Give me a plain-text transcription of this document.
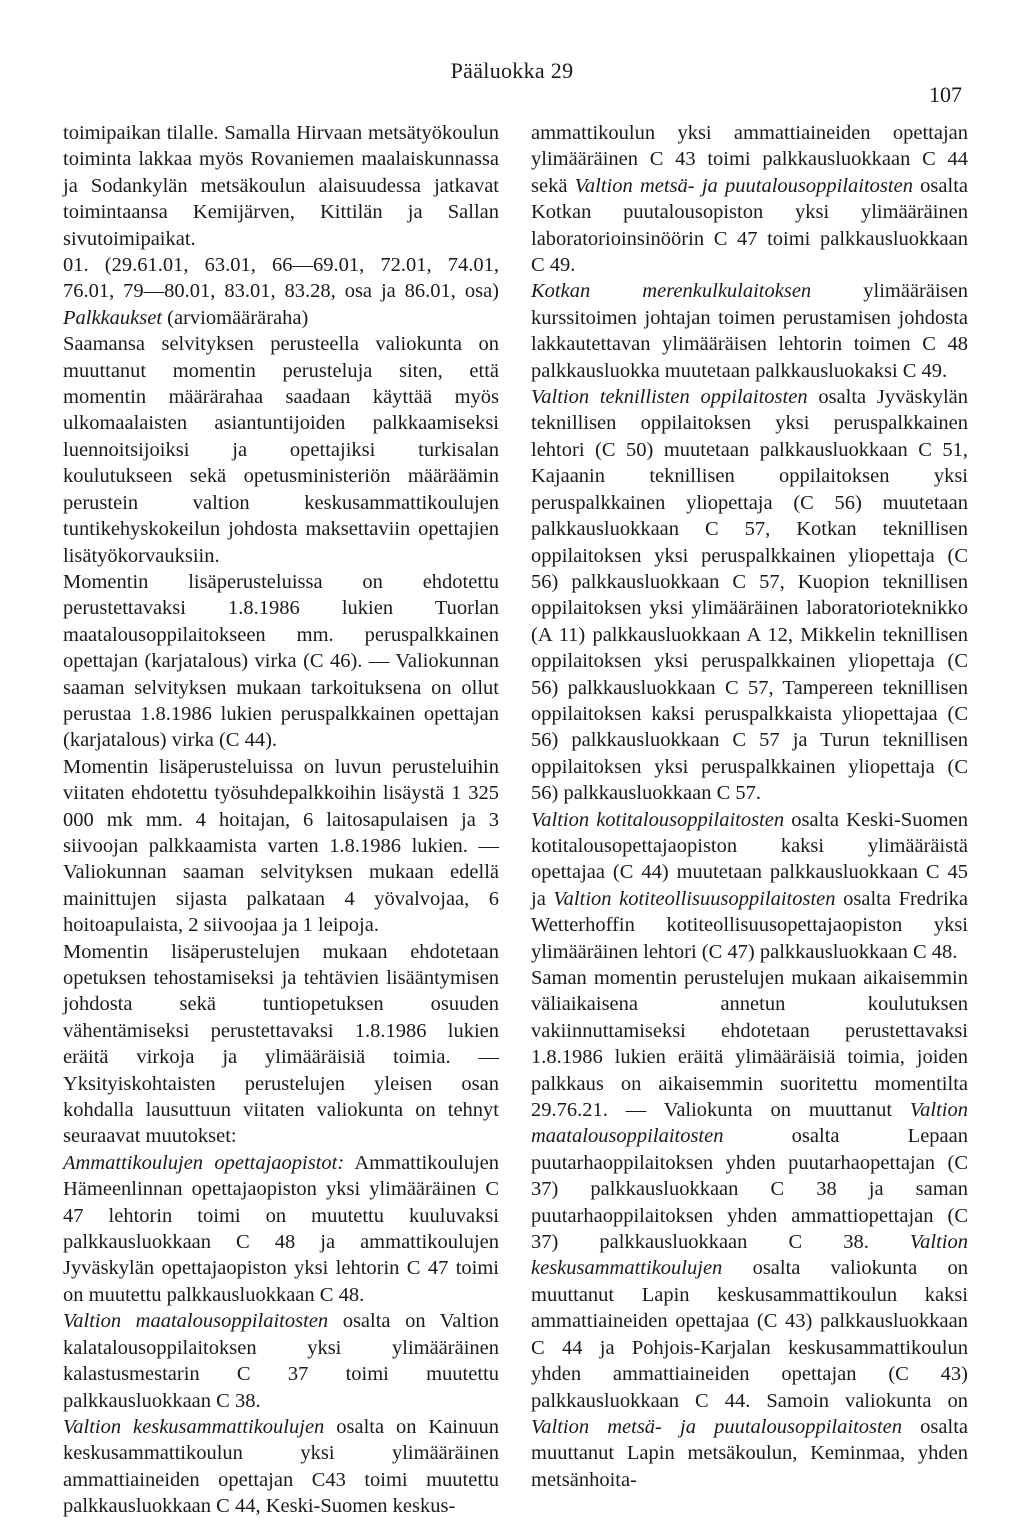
Pääluokka 29
107

toimipaikan tilalle. Samalla Hirvaan metsätyökoulun toiminta lakkaa myös Rovaniemen maalaiskunnassa ja Sodankylän metsäkoulun alaisuudessa jatkavat toimintaansa Kemijärven, Kittilän ja Sallan sivutoimipaikat.

01. (29.61.01, 63.01, 66—69.01, 72.01, 74.01, 76.01, 79—80.01, 83.01, 83.28, osa ja 86.01, osa) Palkkaukset (arviomääräraha)

Saamansa selvityksen perusteella valiokunta on muuttanut momentin perusteluja siten, että momentin määrärahaa saadaan käyttää myös ulkomaalaisten asiantuntijoiden palkkaamiseksi luennoitsijoiksi ja opettajiksi turkisalan koulutukseen sekä opetusministeriön määräämin perustein valtion keskusammattikoulujen tuntikehyskokeilun johdosta maksettaviin opettajien lisätyökorvauksiin.

Momentin lisäperusteluissa on ehdotettu perustettavaksi 1.8.1986 lukien Tuorlan maatalousoppilaitokseen mm. peruspalkkainen opettajan (karjatalous) virka (C 46). — Valiokunnan saaman selvityksen mukaan tarkoituksena on ollut perustaa 1.8.1986 lukien peruspalkkainen opettajan (karjatalous) virka (C 44).

Momentin lisäperusteluissa on luvun perusteluihin viitaten ehdotettu työsuhdepalkkoihin lisäystä 1 325 000 mk mm. 4 hoitajan, 6 laitosapulaisen ja 3 siivoojan palkkaamista varten 1.8.1986 lukien. — Valiokunnan saaman selvityksen mukaan edellä mainittujen sijasta palkataan 4 yövalvojaa, 6 hoitoapulaista, 2 siivoojaa ja 1 leipoja.

Momentin lisäperustelujen mukaan ehdotetaan opetuksen tehostamiseksi ja tehtävien lisääntymisen johdosta sekä tuntiopetuksen osuuden vähentämiseksi perustettavaksi 1.8.1986 lukien eräitä virkoja ja ylimääräisiä toimia. — Yksityiskohtaisten perustelujen yleisen osan kohdalla lausuttuun viitaten valiokunta on tehnyt seuraavat muutokset:

Ammattikoulujen opettajaopistot: Ammattikoulujen Hämeenlinnan opettajaopiston yksi ylimääräinen C 47 lehtorin toimi on muutettu kuuluvaksi palkkausluokkaan C 48 ja ammattikoulujen Jyväskylän opettajaopiston yksi lehtorin C 47 toimi on muutettu palkkausluokkaan C 48.

Valtion maatalousoppilaitosten osalta on Valtion kalatalousoppilaitoksen yksi ylimääräinen kalastusmestarin C 37 toimi muutettu palkkausluokkaan C 38.

Valtion keskusammattikoulujen osalta on Kainuun keskusammattikoulun yksi ylimääräinen ammattiaineiden opettajan C43 toimi muutettu palkkausluokkaan C 44, Keski-Suomen keskus-

ammattikoulun yksi ammattiaineiden opettajan ylimääräinen C 43 toimi palkkausluokkaan C 44 sekä Valtion metsä- ja puutalousoppilaitosten osalta Kotkan puutalousopiston yksi ylimääräinen laboratorioinsinöörin C 47 toimi palkkausluokkaan C 49.

Kotkan merenkulkulaitoksen ylimääräisen kurssitoimen johtajan toimen perustamisen johdosta lakkautettavan ylimääräisen lehtorin toimen C 48 palkkausluokka muutetaan palkkausluokaksi C 49.

Valtion teknillisten oppilaitosten osalta Jyväskylän teknillisen oppilaitoksen yksi peruspalkkainen lehtori (C 50) muutetaan palkkausluokkaan C 51, Kajaanin teknillisen oppilaitoksen yksi peruspalkkainen yliopettaja (C 56) muutetaan palkkausluokkaan C 57, Kotkan teknillisen oppilaitoksen yksi peruspalkkainen yliopettaja (C 56) palkkausluokkaan C 57, Kuopion teknillisen oppilaitoksen yksi ylimääräinen laboratorioteknikko (A 11) palkkausluokkaan A 12, Mikkelin teknillisen oppilaitoksen yksi peruspalkkainen yliopettaja (C 56) palkkausluokkaan C 57, Tampereen teknillisen oppilaitoksen kaksi peruspalkkaista yliopettajaa (C 56) palkkausluokkaan C 57 ja Turun teknillisen oppilaitoksen yksi peruspalkkainen yliopettaja (C 56) palkkausluokkaan C 57.

Valtion kotitalousoppilaitosten osalta Keski-Suomen kotitalousopettajaopiston kaksi ylimääräistä opettajaa (C 44) muutetaan palkkausluokkaan C 45 ja Valtion kotiteollisuusoppilaitosten osalta Fredrika Wetterhoffin kotiteollisuusopettajaopiston yksi ylimääräinen lehtori (C 47) palkkausluokkaan C 48.

Saman momentin perustelujen mukaan aikaisemmin väliaikaisena annetun koulutuksen vakiinnuttamiseksi ehdotetaan perustettavaksi 1.8.1986 lukien eräitä ylimääräisiä toimia, joiden palkkaus on aikaisemmin suoritettu momentilta 29.76.21. — Valiokunta on muuttanut Valtion maatalousoppilaitosten osalta Lepaan puutarhaoppilaitoksen yhden puutarhaopettajan (C 37) palkkausluokkaan C 38 ja saman puutarhaoppilaitoksen yhden ammattiopettajan (C 37) palkkausluokkaan C 38. Valtion keskusammattikoulujen osalta valiokunta on muuttanut Lapin keskusammattikoulun kaksi ammattiaineiden opettajaa (C 43) palkkausluokkaan C 44 ja Pohjois-Karjalan keskusammattikoulun yhden ammattiaineiden opettajan (C 43) palkkausluokkaan C 44. Samoin valiokunta on Valtion metsä- ja puutalousoppilaitosten osalta muuttanut Lapin metsäkoulun, Keminmaa, yhden metsänhoita-
